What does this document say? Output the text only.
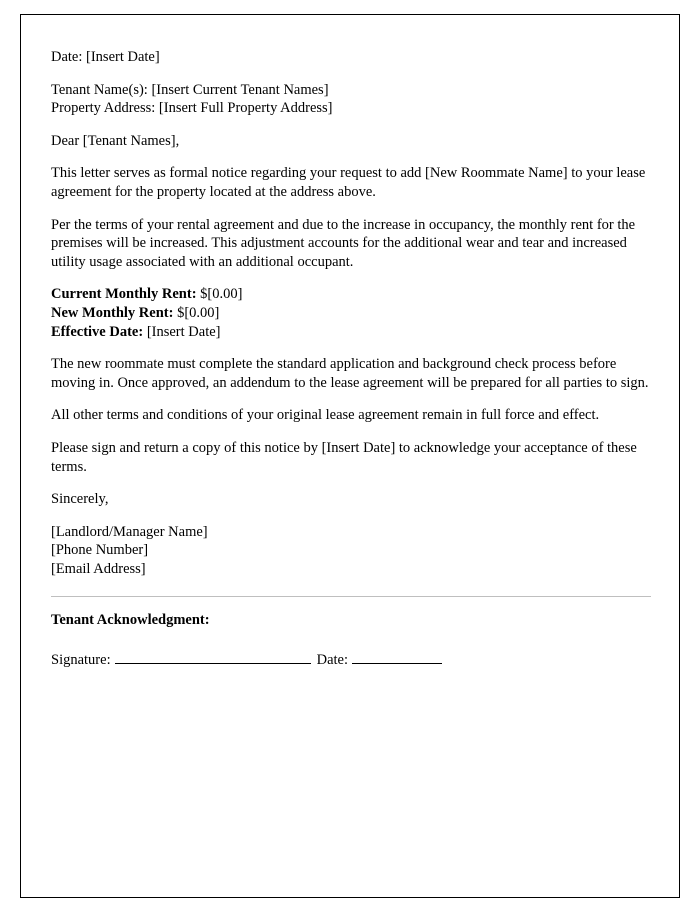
Date: [Insert Date]

Tenant Name(s): [Insert Current Tenant Names]

Property Address: [Insert Full Property Address]

Dear [Tenant Names],

This letter serves as formal notice regarding your request to add [New Roommate Name] to your lease agreement for the property located at the address above.

Per the terms of your rental agreement and due to the increase in occupancy, the monthly rent for the premises will be increased. This adjustment accounts for the additional wear and tear and increased utility usage associated with an additional occupant.

Current Monthly Rent: $[0.00]

New Monthly Rent: $[0.00]

Effective Date: [Insert Date]

The new roommate must complete the standard application and background check process before moving in. Once approved, an addendum to the lease agreement will be prepared for all parties to sign.

All other terms and conditions of your original lease agreement remain in full force and effect.

Please sign and return a copy of this notice by [Insert Date] to acknowledge your acceptance of these terms.

Sincerely,

[Landlord/Manager Name]

[Phone Number]

[Email Address]

Tenant Acknowledgment:

Signature:	Date:
